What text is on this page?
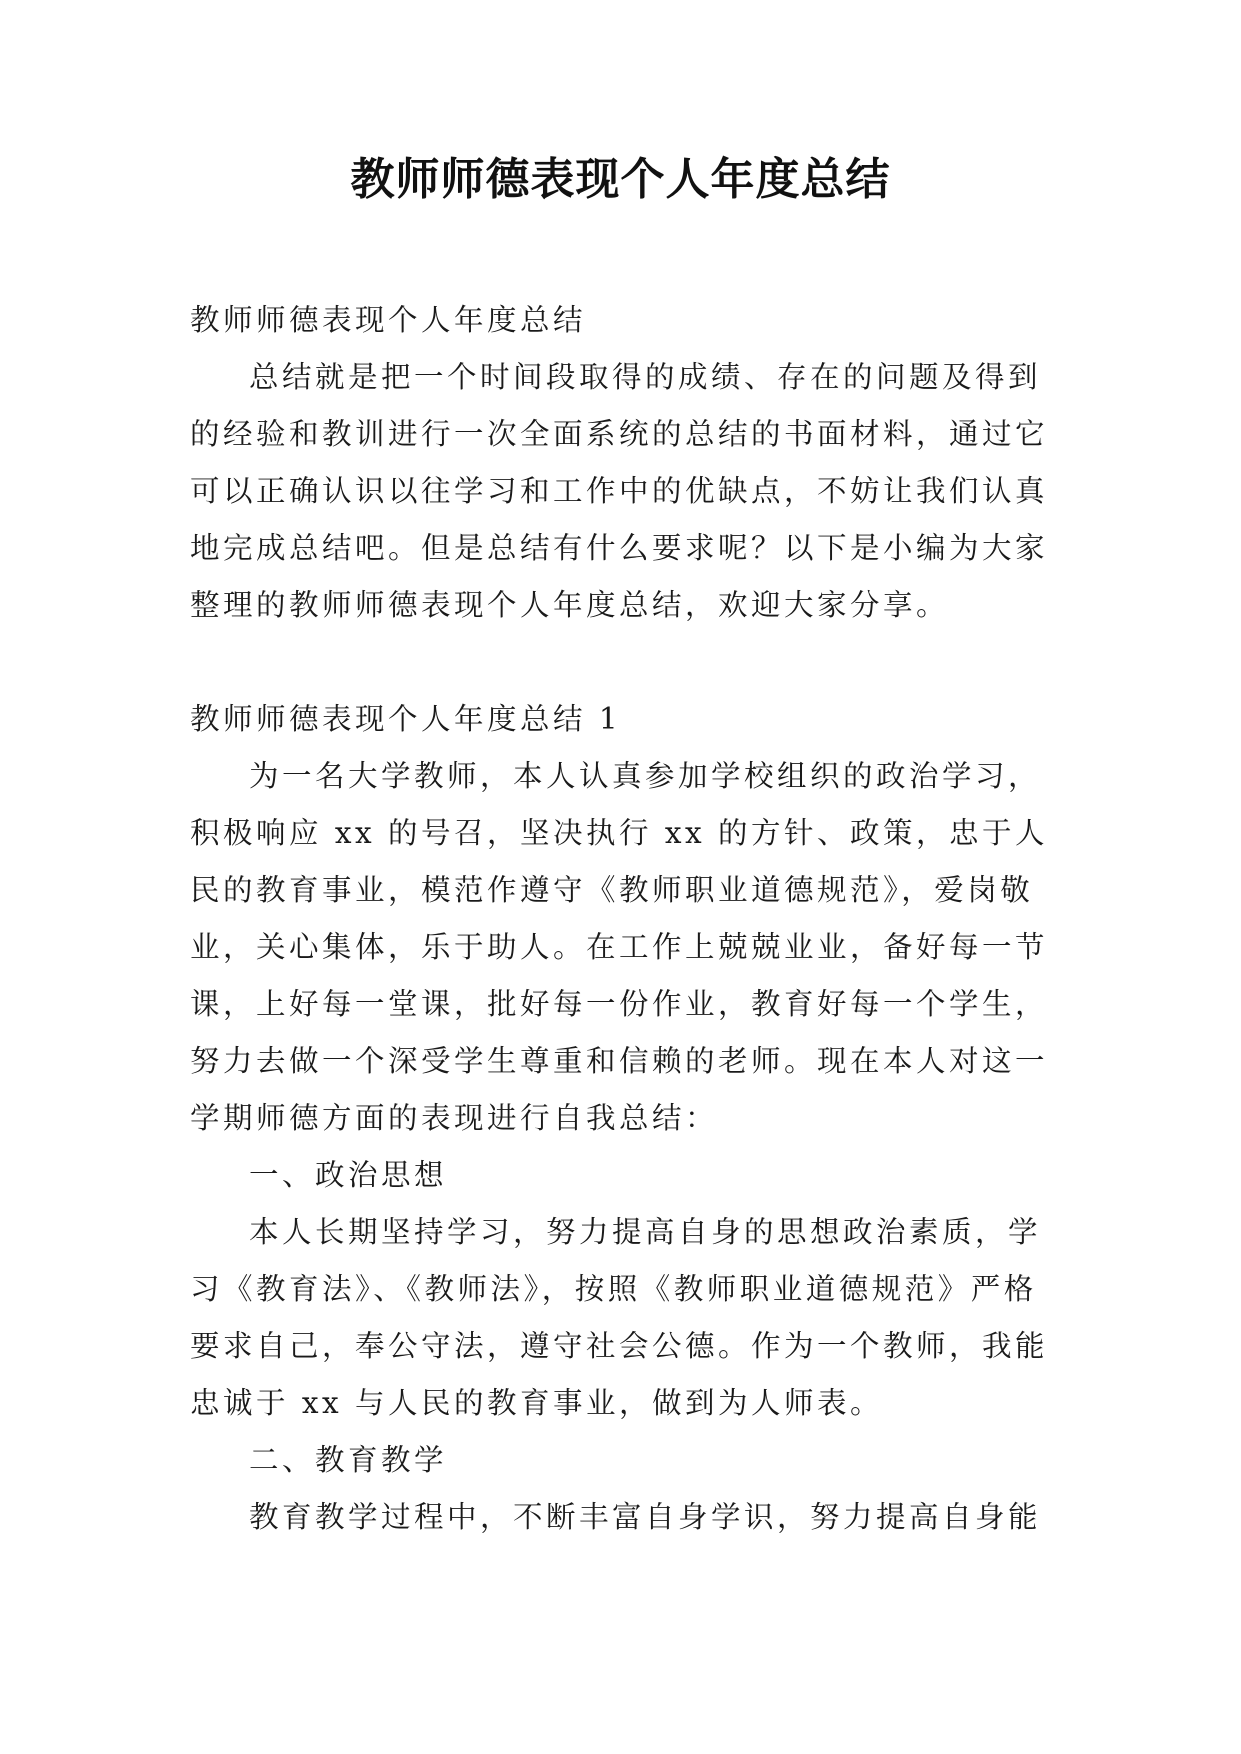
教师师德表现个人年度总结

教师师德表现个人年度总结

总结就是把一个时间段取得的成绩、存在的问题及得到的经验和教训进行一次全面系统的总结的书面材料，通过它可以正确认识以往学习和工作中的优缺点，不妨让我们认真地完成总结吧。但是总结有什么要求呢？以下是小编为大家整理的教师师德表现个人年度总结，欢迎大家分享。

教师师德表现个人年度总结 1

为一名大学教师，本人认真参加学校组织的政治学习，积极响应 xx 的号召，坚决执行 xx 的方针、政策，忠于人民的教育事业，模范作遵守《教师职业道德规范》，爱岗敬业，关心集体，乐于助人。在工作上兢兢业业，备好每一节课，上好每一堂课，批好每一份作业，教育好每一个学生，努力去做一个深受学生尊重和信赖的老师。现在本人对这一学期师德方面的表现进行自我总结：

一、政治思想

本人长期坚持学习，努力提高自身的思想政治素质，学习《教育法》、《教师法》，按照《教师职业道德规范》严格要求自己，奉公守法，遵守社会公德。作为一个教师，我能忠诚于 xx 与人民的教育事业，做到为人师表。

二、教育教学

教育教学过程中，不断丰富自身学识，努力提高自身能
